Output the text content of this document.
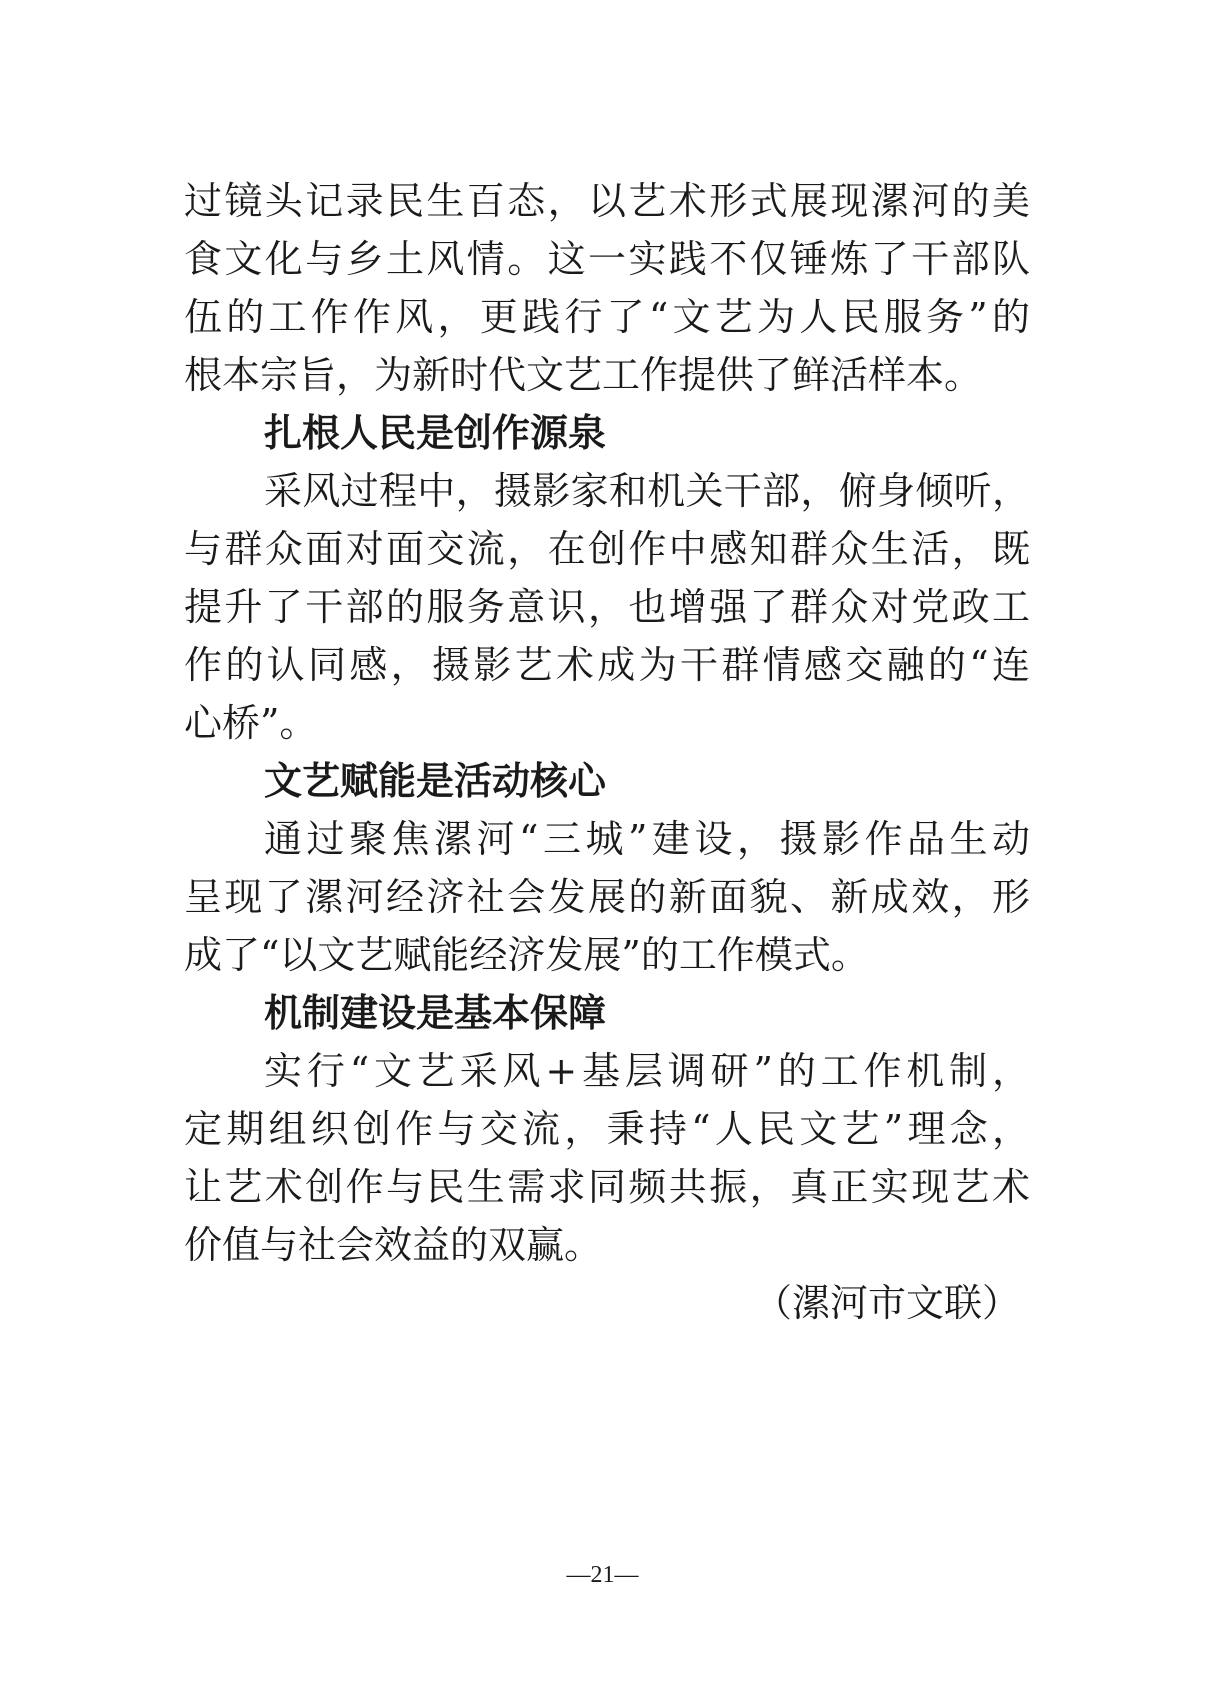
过镜头记录民生百态，以艺术形式展现漯河的美
食文化与乡土风情。这一实践不仅锤炼了干部队
伍的工作作风，更践行了“文艺为人民服务”的
根本宗旨，为新时代文艺工作提供了鲜活样本。
扎根人民是创作源泉
采风过程中，摄影家和机关干部，俯身倾听，
与群众面对面交流，在创作中感知群众生活，既
提升了干部的服务意识，也增强了群众对党政工
作的认同感，摄影艺术成为干群情感交融的“连
心桥”。
文艺赋能是活动核心
通过聚焦漯河“三城”建设，摄影作品生动
呈现了漯河经济社会发展的新面貌、新成效，形
成了“以文艺赋能经济发展”的工作模式。
机制建设是基本保障
实行“文艺采风+基层调研”的工作机制，
定期组织创作与交流，秉持“人民文艺”理念，
让艺术创作与民生需求同频共振，真正实现艺术
价值与社会效益的双赢。
（漯河市文联）
—21—
